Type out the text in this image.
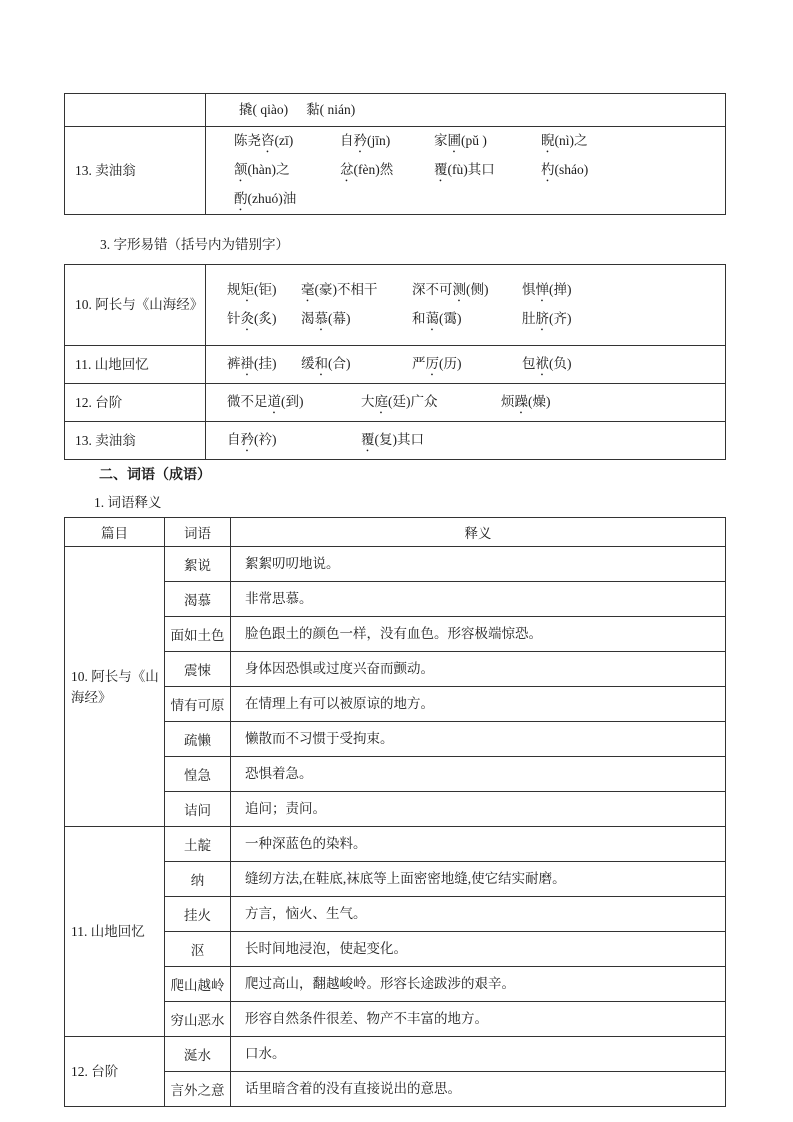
	撬( qiào) 黏( nián)

13. 卖油翁	
陈尧咨(zī)	自矜(jīn)	家圃(pǔ )	睨(nì)之
颔(hàn)之	忿(fèn)然	覆(fù)其口	杓(sháo)
酌(zhuó)油
3. 字形易错（括号内为错别字）
10. 阿长与《山海经》	
规矩(钜)	毫(豪)不相干	深不可测(侧)	惧惮(掸)
针灸(炙)	渴慕(幕)	和蔼(霭)	肚脐(齐)

11. 山地回忆	裤褂(挂) 缓和(合) 严厉(历) 包袱(负)

12. 台阶	微不足道(到) 大庭(廷)广众 烦躁(燥)

13. 卖油翁	自矜(衿) 覆(复)其口
二、词语（成语）
1. 词语释义
篇目	词语	释义
10. 阿长与《山海经》	絮说	絮絮叨叨地说。
	渴慕	非常思慕。
	面如土色	脸色跟土的颜色一样，没有血色。形容极端惊恐。
	震悚	身体因恐惧或过度兴奋而颤动。
	情有可原	在情理上有可以被原谅的地方。
	疏懒	懒散而不习惯于受拘束。
	惶急	恐惧着急。
	诘问	追问；责问。
11. 山地回忆	土靛	一种深蓝色的染料。
	纳	缝纫方法,在鞋底,袜底等上面密密地缝,使它结实耐磨。
	挂火	方言，恼火、生气。
	沤	长时间地浸泡，使起变化。
	爬山越岭	爬过高山，翻越峻岭。形容长途跋涉的艰辛。
	穷山恶水	形容自然条件很差、物产不丰富的地方。
12. 台阶	涎水	口水。
	言外之意	话里暗含着的没有直接说出的意思。
